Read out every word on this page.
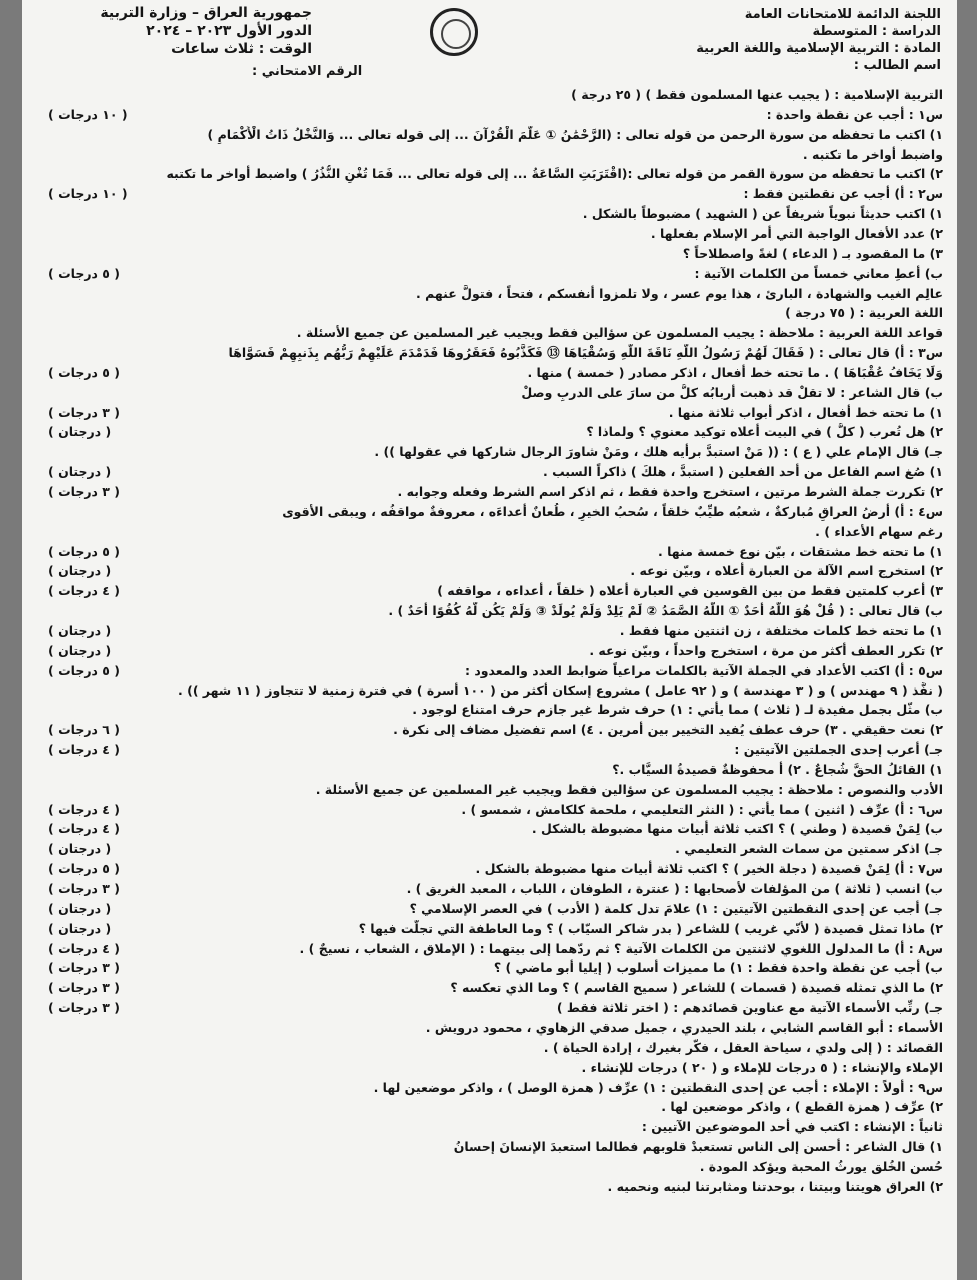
اللجنة الدائمة للامتحانات العامة
الدراسة : المتوسطة
المادة : التربية الإسلامية واللغة العربية
اسم الطالب :
جمهورية العراق – وزارة التربية
الدور الأول ٢٠٢٣ – ٢٠٢٤
الوقت : ثلاث ساعات
الرقم الامتحاني :
التربية الإسلامية : ( يجيب عنها المسلمون فقط ) ( ٢٥ درجة )
س١ : أجب عن نقطة واحدة :
( ١٠ درجات )
١) اكتب ما تحفظه من سورة الرحمن من قوله تعالى : (الرَّحْمَٰنُ ① عَلَّمَ الْقُرْآنَ ... إلى قوله تعالى ... وَالنَّخْلُ ذَاتُ الْأَكْمَامِ )
واضبط أواخر ما تكتبه .
٢) اكتب ما تحفظه من سورة القمر من قوله تعالى :(اقْتَرَبَتِ السَّاعَةُ ... إلى قوله تعالى ... فَمَا تُغْنِ النُّذُرُ ) واضبط أواخر ما تكتبه
س٢ : أ) أجب عن نقطتين فقط :
( ١٠ درجات )
١) اكتب حديثاً نبوياً شريفاً عن ( الشهيد ) مضبوطاً بالشكل .
٢) عدد الأفعال الواجبة التي أمر الإسلام بفعلها .
٣) ما المقصود بـ ( الدعاء ) لغةً واصطلاحاً ؟
ب) أعطِ معاني خمساً من الكلمات الآتية :
( ٥ درجات )
عالِم الغيب والشهادة ، البارئ ، هذا يوم عسر ، ولا تلمزوا أنفسكم ، فتحاً ، فتولَّ عنهم .
اللغة العربية : ( ٧٥ درجة )
قواعد اللغة العربية : ملاحظة : يجيب المسلمون عن سؤالين فقط ويجيب غير المسلمين عن جميع الأسئلة .
س٣ : أ) قال تعالى : ( فَقَالَ لَهُمْ رَسُولُ اللَّهِ نَاقَةَ اللَّهِ وَسُقْيَاهَا ⑬ فَكَذَّبُوهُ فَعَقَرُوهَا فَدَمْدَمَ عَلَيْهِمْ رَبُّهُم بِذَنبِهِمْ فَسَوَّاهَا
وَلَا يَخَافُ عُقْبَاهَا ) . ما تحته خط أفعال ، اذكر مصادر ( خمسة ) منها .
( ٥ درجات )
ب) قال الشاعر : لا تقلْ قد ذهبت أربابُه كلُّ من سارَ على الدربِ وصلْ
١) ما تحته خط أفعال ، اذكر أبواب ثلاثة منها .
( ٣ درجات )
٢) هل تُعرب ( كلُّ ) في البيت أعلاه توكيد معنوي ؟ ولماذا ؟
( درجتان )
جـ) قال الإمام علي ( ع ) : (( مَنْ استبدَّ برأيه هلك ، ومَنْ شاورَ الرجال شاركها في عقولها )) .
١) صُغ اسم الفاعل من أحد الفعلين ( استبدَّ ، هلكَ ) ذاكراً السبب .
( درجتان )
٢) تكررت جملة الشرط مرتين ، استخرج واحدة فقط ، ثم اذكر اسم الشرط وفعله وجوابه .
( ٣ درجات )
س٤ : أ) أرضُ العراقِ مُباركةٌ ، شعبُه طيِّبٌ خلقاً ، سُحبُ الخيرِ ، طُعانٌ أعداءَه ، معروفةٌ مواقفُه ، ويبقى الأقوى
رغم سهام الأعداء ) .
١) ما تحته خط مشتقات ، بيّن نوع خمسة منها .
( ٥ درجات )
٢) استخرج اسم الآلة من العبارة أعلاه ، وبيّن نوعه .
( درجتان )
٣) أعرب كلمتين فقط من بين القوسين في العبارة أعلاه ( خلقاً ، أعداءه ، مواقفه )
( ٤ درجات )
ب) قال تعالى : ( قُلْ هُوَ اللَّهُ أَحَدٌ ① اللَّهُ الصَّمَدُ ② لَمْ يَلِدْ وَلَمْ يُولَدْ ③ وَلَمْ يَكُن لَّهُ كُفُوًا أَحَدٌ ) .
١) ما تحته خط كلمات مختلفة ، زن اثنتين منها فقط .
( درجتان )
٢) تكرر العطف أكثر من مرة ، استخرج واحداً ، وبيّن نوعه .
( درجتان )
س٥ : أ) اكتب الأعداد في الجملة الآتية بالكلمات مراعياً ضوابط العدد والمعدود :
( ٥ درجات )
( نفَّذ ( ٩ مهندس ) و ( ٣ مهندسة ) و ( ٩٢ عامل ) مشروع إسكان أكثر من ( ١٠٠ أسرة ) في فترة زمنية لا تتجاوز ( ١١ شهر )) .
ب) مثّل بجمل مفيدة لـ ( ثلاث ) مما يأتي : ١) حرف شرط غير جازم حرف امتناع لوجود .
٢) نعت حقيقي . ٣) حرف عطف يُفيد التخيير بين أمرين . ٤) اسم تفضيل مضاف إلى نكرة .
( ٦ درجات )
جـ) أعرب إحدى الجملتين الآتيتين :
( ٤ درجات )
١) القائلُ الحقَّ شُجاعٌ . ٢) أ محفوظةٌ قصيدةُ السيَّاب .؟
الأدب والنصوص : ملاحظة : يجيب المسلمون عن سؤالين فقط ويجيب غير المسلمين عن جميع الأسئلة .
س٦ : أ) عرِّف ( اثنين ) مما يأتي : ( النثر التعليمي ، ملحمة كلكامش ، شمسو ) .
( ٤ درجات )
ب) لِمَنْ قصيدة ( وطني ) ؟ اكتب ثلاثة أبيات منها مضبوطة بالشكل .
( ٤ درجات )
جـ) اذكر سمتين من سمات الشعر التعليمي .
( درجتان )
س٧ : أ) لِمَنْ قصيدة ( دجلة الخير ) ؟ اكتب ثلاثة أبيات منها مضبوطة بالشكل .
( ٥ درجات )
ب) انسب ( ثلاثة ) من المؤلفات لأصحابها : ( عنترة ، الطوفان ، اللباب ، المعبد الغريق ) .
( ٣ درجات )
جـ) أجب عن إحدى النقطتين الآتيتين : ١) علامَ تدل كلمة ( الأدب ) في العصر الإسلامي ؟
( درجتان )
٢) ماذا تمثل قصيدة ( لأنّي غريب ) للشاعر ( بدر شاكر السيّاب ) ؟ وما العاطفة التي تجلّت فيها ؟
( درجتان )
س٨ : أ) ما المدلول اللغوي لاثنتين من الكلمات الآتية ؟ ثم ردّهما إلى بيتهما : ( الإملاق ، الشعاب ، نسيجٌ ) .
( ٤ درجات )
ب) أجب عن نقطة واحدة فقط : ١) ما مميزات أسلوب ( إيليا أبو ماضي ) ؟
( ٣ درجات )
٢) ما الذي تمثله قصيدة ( قسمات ) للشاعر ( سميح القاسم ) ؟ وما الذي تعكسه ؟
( ٣ درجات )
جـ) رتِّب الأسماء الآتية مع عناوين قصائدهم : ( اختر ثلاثة فقط )
( ٣ درجات )
الأسماء : أبو القاسم الشابي ، بلند الحيدري ، جميل صدقي الزهاوي ، محمود درويش .
القصائد : ( إلى ولدي ، سياحة العقل ، فكّر بغيرك ، إرادة الحياة ) .
الإملاء والإنشاء : ( ٥ درجات للإملاء و ( ٢٠ ) درجات للإنشاء .
س٩ : أولاً : الإملاء : أجب عن إحدى النقطتين : ١) عرِّف ( همزة الوصل ) ، واذكر موضعين لها .
٢) عرِّف ( همزة القطع ) ، واذكر موضعين لها .
ثانياً : الإنشاء : اكتب في أحد الموضوعين الآتيين :
١) قال الشاعر : أحسن إلى الناس تستعبدْ قلوبهم فطالما استعبدَ الإنسانَ إحسانُ
حُسن الخُلق يورثُ المحبة ويؤكد المودة .
٢) العراق هويتنا وبيتنا ، بوحدتنا ومثابرتنا لبنيه ونحميه .
